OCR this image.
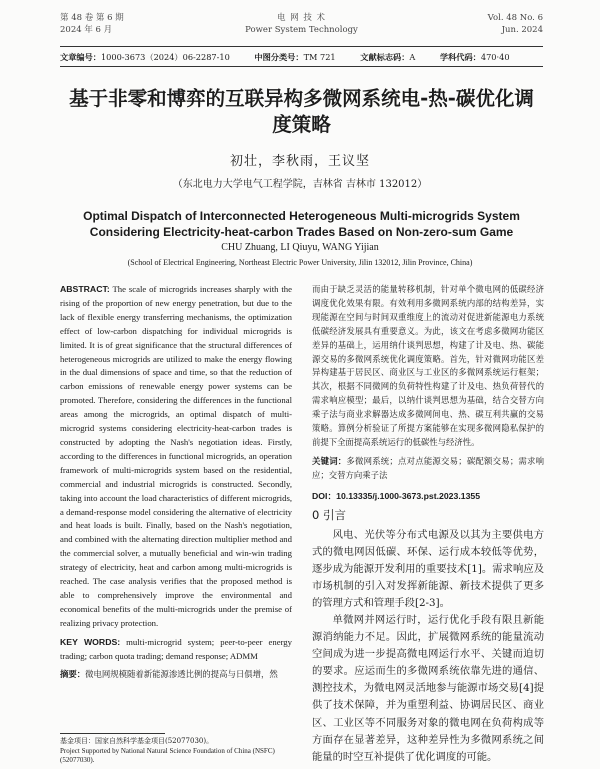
第 48 卷 第 6 期
2024 年 6 月
电 网 技 术
Power System Technology
Vol. 48 No. 6
Jun. 2024
文章编号：1000-3673（2024）06-2287-10	中图分类号：TM 721	文献标志码：A	学科代码：470·40
基于非零和博弈的互联异构多微网系统电-热-碳优化调度策略
初壮，李秋雨，王议坚
（东北电力大学电气工程学院，吉林省 吉林市 132012）
Optimal Dispatch of Interconnected Heterogeneous Multi-microgrids System Considering Electricity-heat-carbon Trades Based on Non-zero-sum Game
CHU Zhuang, LI Qiuyu, WANG Yijian
(School of Electrical Engineering, Northeast Electric Power University, Jilin 132012, Jilin Province, China)

ABSTRACT: The scale of microgrids increases sharply with the rising of the proportion of new energy penetration, but due to the lack of flexible energy transferring mechanisms, the optimization effect of low-carbon dispatching for individual microgrids is limited. It is of great significance that the structural differences of heterogeneous microgrids are utilized to make the energy flowing in the dual dimensions of space and time, so that the reduction of carbon emissions of renewable energy power systems can be promoted. Therefore, considering the differences in the functional areas among the microgrids, an optimal dispatch of multi-microgrid systems considering electricity-heat-carbon trades is constructed by adopting the Nash's negotiation ideas. Firstly, according to the differences in functional microgrids, an operation framework of multi-microgrids system based on the residential, commercial and industrial microgrids is constructed. Secondly, taking into account the load characteristics of different microgrids, a demand-response model considering the alternative of electricity and heat loads is built. Finally, based on the Nash's negotiation, and combined with the alternating direction multiplier method and the commercial solver, a mutually beneficial and win-win trading strategy of electricity, heat and carbon among multi-microgrids is reached. The case analysis verifies that the proposed method is able to comprehensively improve the environmental and economical benefits of the multi-microgrids under the premise of realizing privacy protection.

KEY WORDS: multi-microgrid system; peer-to-peer energy trading; carbon quota trading; demand response; ADMM

摘要：微电网规模随着新能源渗透比例的提高与日俱增，然

而由于缺乏灵活的能量转移机制，针对单个微电网的低碳经济调度优化效果有限。有效利用多微网系统内部的结构差异，实现能源在空间与时间双重维度上的流动对促进新能源电力系统低碳经济发展具有重要意义。为此，该文在考虑多微网功能区差异的基础上，运用纳什谈判思想，构建了计及电、热、碳能源交易的多微网系统优化调度策略。首先，针对微网功能区差异构建基于居民区、商业区与工业区的多微网系统运行框架；其次，根据不同微网的负荷特性构建了计及电、热负荷替代的需求响应模型；最后，以纳什谈判思想为基础，结合交替方向乘子法与商业求解器达成多微网间电、热、碳互利共赢的交易策略。算例分析验证了所提方案能够在实现多微网隐私保护的前提下全面提高系统运行的低碳性与经济性。

关键词：多微网系统；点对点能源交易；碳配额交易；需求响应；交替方向乘子法

DOI：10.13335/j.1000-3673.pst.2023.1355
0 引言

风电、光伏等分布式电源及以其为主要供电方式的微电网因低碳、环保、运行成本较低等优势，逐步成为能源开发利用的重要技术[1]。需求响应及市场机制的引入对发挥新能源、新技术提供了更多的管理方式和管理手段[2-3]。

单微网并网运行时，运行优化手段有限且新能源消纳能力不足。因此，扩展微网系统的能量流动空间成为进一步提高微电网运行水平、关键而迫切的要求。应运而生的多微网系统依靠先进的通信、测控技术，为微电网灵活地参与能源市场交易[4]提供了技术保障，并为重塑利益、协调居民区、商业区、工业区等不同服务对象的微电网在负荷构成等方面存在显著差异，这种差异性为多微网系统之间能量的时空互补提供了优化调度的可能。

基金项目：国家自然科学基金项目(52077030)。
Project Supported by National Natural Science Foundation of China (NSFC) (52077030).
